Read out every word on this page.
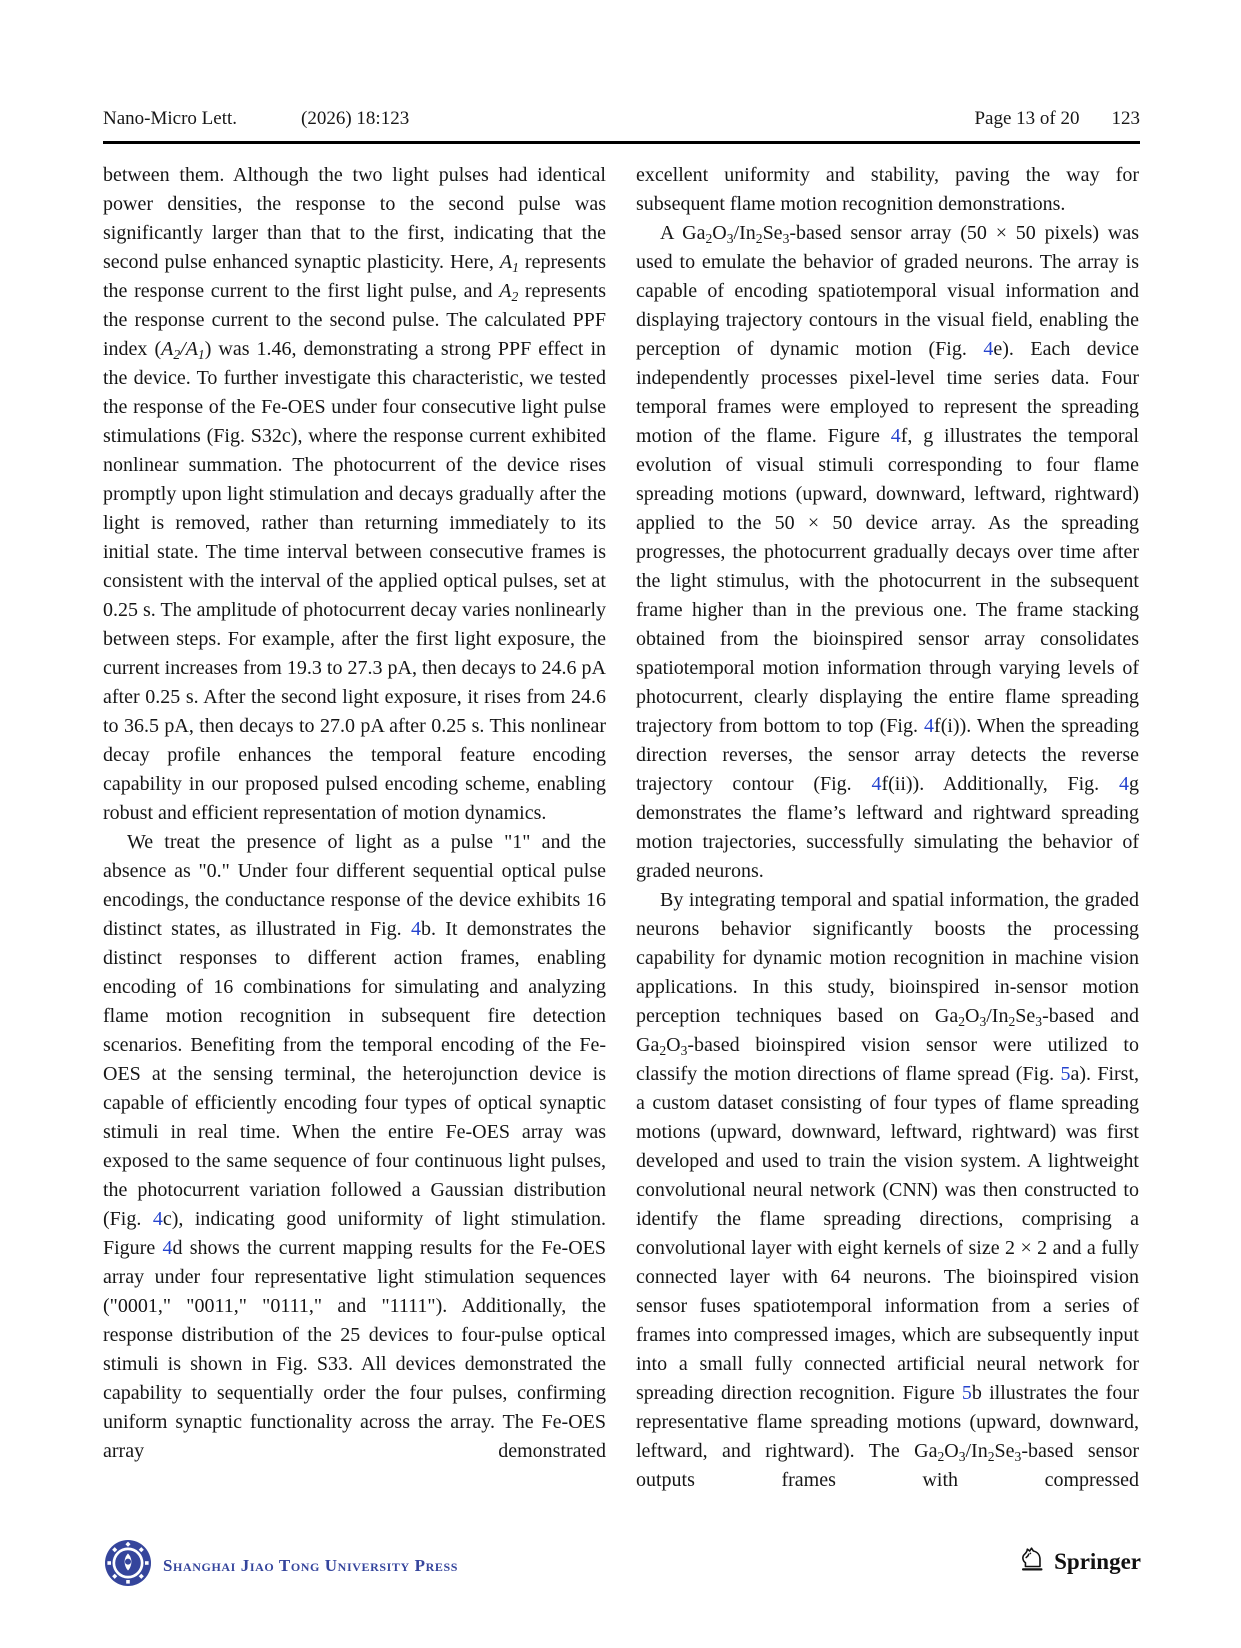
Nano-Micro Lett.	(2026) 18:123	Page 13 of 20 123

between them. Although the two light pulses had identical power densities, the response to the second pulse was significantly larger than that to the first, indicating that the second pulse enhanced synaptic plasticity. Here, $A_1$ represents the response current to the first light pulse, and $A_2$ represents the response current to the second pulse. The calculated PPF index $(A_2/A_1)$ was 1.46, demonstrating a strong PPF effect in the device. To further investigate this characteristic, we tested the response of the Fe-OES under four consecutive light pulse stimulations (Fig. S32c), where the response current exhibited nonlinear summation. The photocurrent of the device rises promptly upon light stimulation and decays gradually after the light is removed, rather than returning immediately to its initial state. The time interval between consecutive frames is consistent with the interval of the applied optical pulses, set at 0.25 s. The amplitude of photocurrent decay varies nonlinearly between steps. For example, after the first light exposure, the current increases from 19.3 to 27.3 pA, then decays to 24.6 pA after 0.25 s. After the second light exposure, it rises from 24.6 to 36.5 pA, then decays to 27.0 pA after 0.25 s. This nonlinear decay profile enhances the temporal feature encoding capability in our proposed pulsed encoding scheme, enabling robust and efficient representation of motion dynamics.

We treat the presence of light as a pulse "1" and the absence as "0." Under four different sequential optical pulse encodings, the conductance response of the device exhibits 16 distinct states, as illustrated in Fig. 4b. It demonstrates the distinct responses to different action frames, enabling encoding of 16 combinations for simulating and analyzing flame motion recognition in subsequent fire detection scenarios. Benefiting from the temporal encoding of the Fe-OES at the sensing terminal, the heterojunction device is capable of efficiently encoding four types of optical synaptic stimuli in real time. When the entire Fe-OES array was exposed to the same sequence of four continuous light pulses, the photocurrent variation followed a Gaussian distribution (Fig. 4c), indicating good uniformity of light stimulation. Figure 4d shows the current mapping results for the Fe-OES array under four representative light stimulation sequences ("0001," "0011," "0111," and "1111"). Additionally, the response distribution of the 25 devices to four-pulse optical stimuli is shown in Fig. S33. All devices demonstrated the capability to sequentially order the four pulses, confirming uniform synaptic functionality across the array. The Fe-OES array demonstrated

excellent uniformity and stability, paving the way for subsequent flame motion recognition demonstrations.

A $Ga_2O_3/In_2Se_3$-based sensor array (50 × 50 pixels) was used to emulate the behavior of graded neurons. The array is capable of encoding spatiotemporal visual information and displaying trajectory contours in the visual field, enabling the perception of dynamic motion (Fig. 4e). Each device independently processes pixel-level time series data. Four temporal frames were employed to represent the spreading motion of the flame. Figure 4f, g illustrates the temporal evolution of visual stimuli corresponding to four flame spreading motions (upward, downward, leftward, rightward) applied to the 50 × 50 device array. As the spreading progresses, the photocurrent gradually decays over time after the light stimulus, with the photocurrent in the subsequent frame higher than in the previous one. The frame stacking obtained from the bioinspired sensor array consolidates spatiotemporal motion information through varying levels of photocurrent, clearly displaying the entire flame spreading trajectory from bottom to top (Fig. 4f(i)). When the spreading direction reverses, the sensor array detects the reverse trajectory contour (Fig. 4f(ii)). Additionally, Fig. 4g demonstrates the flame’s leftward and rightward spreading motion trajectories, successfully simulating the behavior of graded neurons.

By integrating temporal and spatial information, the graded neurons behavior significantly boosts the processing capability for dynamic motion recognition in machine vision applications. In this study, bioinspired in-sensor motion perception techniques based on $Ga_2O_3/In_2Se_3$-based and $Ga_2O_3$-based bioinspired vision sensor were utilized to classify the motion directions of flame spread (Fig. 5a). First, a custom dataset consisting of four types of flame spreading motions (upward, downward, leftward, rightward) was first developed and used to train the vision system. A lightweight convolutional neural network (CNN) was then constructed to identify the flame spreading directions, comprising a convolutional layer with eight kernels of size 2 × 2 and a fully connected layer with 64 neurons. The bioinspired vision sensor fuses spatiotemporal information from a series of frames into compressed images, which are subsequently input into a small fully connected artificial neural network for spreading direction recognition. Figure 5b illustrates the four representative flame spreading motions (upward, downward, leftward, and rightward). The $Ga_2O_3/In_2Se_3$-based sensor outputs frames with compressed

Shanghai Jiao Tong University Press	Springer
